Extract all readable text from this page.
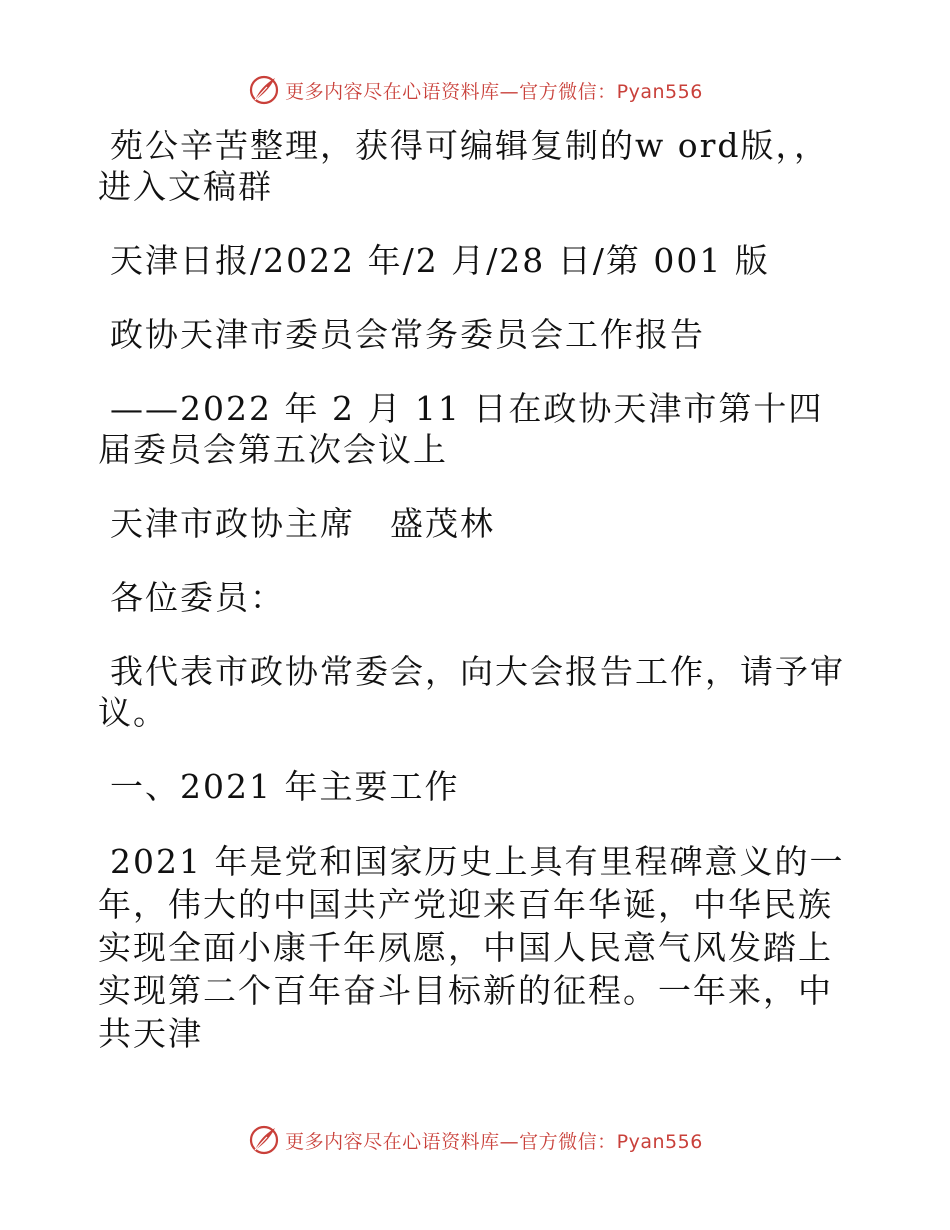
更多内容尽在心语资料库—官方微信：Pyan556

苑公辛苦整理，获得可编辑复制的w ord版，，进入文稿群

天津日报/2022 年/2 月/28 日/第 001 版

政协天津市委员会常务委员会工作报告

——2022 年 2 月 11 日在政协天津市第十四届委员会第五次会议上

天津市政协主席　盛茂林

各位委员：

我代表市政协常委会，向大会报告工作，请予审议。

一、2021 年主要工作

2021 年是党和国家历史上具有里程碑意义的一年，伟大的中国共产党迎来百年华诞，中华民族实现全面小康千年夙愿，中国人民意气风发踏上实现第二个百年奋斗目标新的征程。一年来，中共天津

更多内容尽在心语资料库—官方微信：Pyan556
